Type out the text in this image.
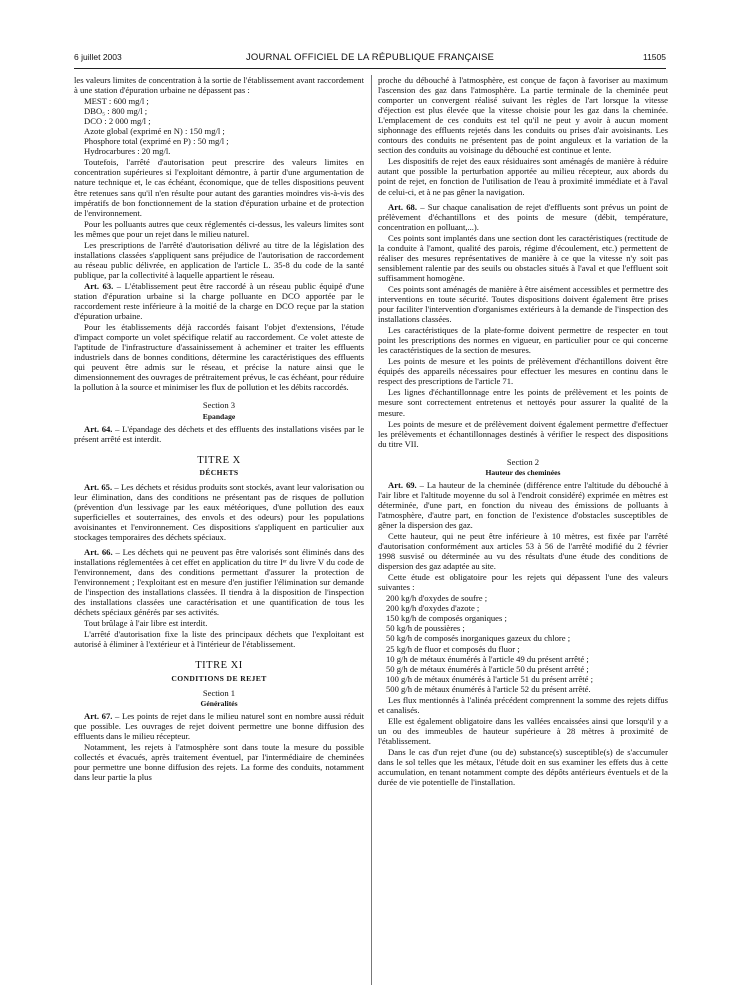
6 juillet 2003	JOURNAL OFFICIEL DE LA RÉPUBLIQUE FRANÇAISE	11505

les valeurs limites de concentration à la sortie de l'établissement avant raccordement à une station d'épuration urbaine ne dépassent pas :

MEST : 600 mg/l ;
DBO₅ : 800 mg/l ;
DCO : 2 000 mg/l ;
Azote global (exprimé en N) : 150 mg/l ;
Phosphore total (exprimé en P) : 50 mg/l ;
Hydrocarbures : 20 mg/l.

Toutefois, l'arrêté d'autorisation peut prescrire des valeurs limites en concentration supérieures si l'exploitant démontre, à partir d'une argumentation de nature technique et, le cas échéant, économique, que de telles dispositions peuvent être retenues sans qu'il n'en résulte pour autant des garanties moindres vis-à-vis des impératifs de bon fonctionnement de la station d'épuration urbaine et de protection de l'environnement.

Pour les polluants autres que ceux réglementés ci-dessus, les valeurs limites sont les mêmes que pour un rejet dans le milieu naturel.

Les prescriptions de l'arrêté d'autorisation délivré au titre de la législation des installations classées s'appliquent sans préjudice de l'autorisation de raccordement au réseau public délivrée, en application de l'article L. 35-8 du code de la santé publique, par la collectivité à laquelle appartient le réseau.

Art. 63. – L'établissement peut être raccordé à un réseau public équipé d'une station d'épuration urbaine si la charge polluante en DCO apportée par le raccordement reste inférieure à la moitié de la charge en DCO reçue par la station d'épuration urbaine.

Pour les établissements déjà raccordés faisant l'objet d'extensions, l'étude d'impact comporte un volet spécifique relatif au raccordement. Ce volet atteste de l'aptitude de l'infrastructure d'assainissement à acheminer et traiter les effluents industriels dans de bonnes conditions, détermine les caractéristiques des effluents qui peuvent être admis sur le réseau, et précise la nature ainsi que le dimensionnement des ouvrages de prétraitement prévus, le cas échéant, pour réduire la pollution à la source et minimiser les flux de pollution et les débits raccordés.

Section 3
Epandage

Art. 64. – L'épandage des déchets et des effluents des installations visées par le présent arrêté est interdit.

TITRE X
DÉCHETS

Art. 65. – Les déchets et résidus produits sont stockés, avant leur valorisation ou leur élimination, dans des conditions ne présentant pas de risques de pollution (prévention d'un lessivage par les eaux météoriques, d'une pollution des eaux superficielles et souterraines, des envols et des odeurs) pour les populations avoisinantes et l'environnement. Ces dispositions s'appliquent en particulier aux stockages temporaires des déchets spéciaux.

Art. 66. – Les déchets qui ne peuvent pas être valorisés sont éliminés dans des installations réglementées à cet effet en application du titre Iᵉʳ du livre V du code de l'environnement, dans des conditions permettant d'assurer la protection de l'environnement ; l'exploitant est en mesure d'en justifier l'élimination sur demande de l'inspection des installations classées. Il tiendra à la disposition de l'inspection des installations classées une caractérisation et une quantification de tous les déchets spéciaux générés par ses activités.

Tout brûlage à l'air libre est interdit.

L'arrêté d'autorisation fixe la liste des principaux déchets que l'exploitant est autorisé à éliminer à l'extérieur et à l'intérieur de l'établissement.

TITRE XI
CONDITIONS DE REJET
Section 1
Généralités

Art. 67. – Les points de rejet dans le milieu naturel sont en nombre aussi réduit que possible. Les ouvrages de rejet doivent permettre une bonne diffusion des effluents dans le milieu récepteur.

Notamment, les rejets à l'atmosphère sont dans toute la mesure du possible collectés et évacués, après traitement éventuel, par l'intermédiaire de cheminées pour permettre une bonne diffusion des rejets. La forme des conduits, notamment dans leur partie la plus

proche du débouché à l'atmosphère, est conçue de façon à favoriser au maximum l'ascension des gaz dans l'atmosphère. La partie terminale de la cheminée peut comporter un convergent réalisé suivant les règles de l'art lorsque la vitesse d'éjection est plus élevée que la vitesse choisie pour les gaz dans la cheminée. L'emplacement de ces conduits est tel qu'il ne peut y avoir à aucun moment siphonnage des effluents rejetés dans les conduits ou prises d'air avoisinants. Les contours des conduits ne présentent pas de point anguleux et la variation de la section des conduits au voisinage du débouché est continue et lente.

Les dispositifs de rejet des eaux résiduaires sont aménagés de manière à réduire autant que possible la perturbation apportée au milieu récepteur, aux abords du point de rejet, en fonction de l'utilisation de l'eau à proximité immédiate et à l'aval de celui-ci, et à ne pas gêner la navigation.

Art. 68. – Sur chaque canalisation de rejet d'effluents sont prévus un point de prélèvement d'échantillons et des points de mesure (débit, température, concentration en polluant,...).

Ces points sont implantés dans une section dont les caractéristiques (rectitude de la conduite à l'amont, qualité des parois, régime d'écoulement, etc.) permettent de réaliser des mesures représentatives de manière à ce que la vitesse n'y soit pas sensiblement ralentie par des seuils ou obstacles situés à l'aval et que l'effluent soit suffisamment homogène.

Ces points sont aménagés de manière à être aisément accessibles et permettre des interventions en toute sécurité. Toutes dispositions doivent également être prises pour faciliter l'intervention d'organismes extérieurs à la demande de l'inspection des installations classées.

Les caractéristiques de la plate-forme doivent permettre de respecter en tout point les prescriptions des normes en vigueur, en particulier pour ce qui concerne les caractéristiques de la section de mesures.

Les points de mesure et les points de prélèvement d'échantillons doivent être équipés des appareils nécessaires pour effectuer les mesures en continu dans le respect des prescriptions de l'article 71.

Les lignes d'échantillonnage entre les points de prélèvement et les points de mesure sont correctement entretenus et nettoyés pour assurer la qualité de la mesure.

Les points de mesure et de prélèvement doivent également permettre d'effectuer les prélèvements et échantillonnages destinés à vérifier le respect des dispositions du titre VII.

Section 2
Hauteur des cheminées

Art. 69. – La hauteur de la cheminée (différence entre l'altitude du débouché à l'air libre et l'altitude moyenne du sol à l'endroit considéré) exprimée en mètres est déterminée, d'une part, en fonction du niveau des émissions de polluants à l'atmosphère, d'autre part, en fonction de l'existence d'obstacles susceptibles de gêner la dispersion des gaz.

Cette hauteur, qui ne peut être inférieure à 10 mètres, est fixée par l'arrêté d'autorisation conformément aux articles 53 à 56 de l'arrêté modifié du 2 février 1998 susvisé ou déterminée au vu des résultats d'une étude des conditions de dispersion des gaz adaptée au site.

Cette étude est obligatoire pour les rejets qui dépassent l'une des valeurs suivantes :

200 kg/h d'oxydes de soufre ;
200 kg/h d'oxydes d'azote ;
150 kg/h de composés organiques ;
50 kg/h de poussières ;
50 kg/h de composés inorganiques gazeux du chlore ;
25 kg/h de fluor et composés du fluor ;
10 g/h de métaux énumérés à l'article 49 du présent arrêté ;
50 g/h de métaux énumérés à l'article 50 du présent arrêté ;
100 g/h de métaux énumérés à l'article 51 du présent arrêté ;
500 g/h de métaux énumérés à l'article 52 du présent arrêté.

Les flux mentionnés à l'alinéa précédent comprennent la somme des rejets diffus et canalisés.

Elle est également obligatoire dans les vallées encaissées ainsi que lorsqu'il y a un ou des immeubles de hauteur supérieure à 28 mètres à proximité de l'établissement.

Dans le cas d'un rejet d'une (ou de) substance(s) susceptible(s) de s'accumuler dans le sol telles que les métaux, l'étude doit en sus examiner les effets dus à cette accumulation, en tenant notamment compte des dépôts antérieurs éventuels et de la durée de vie potentielle de l'installation.
